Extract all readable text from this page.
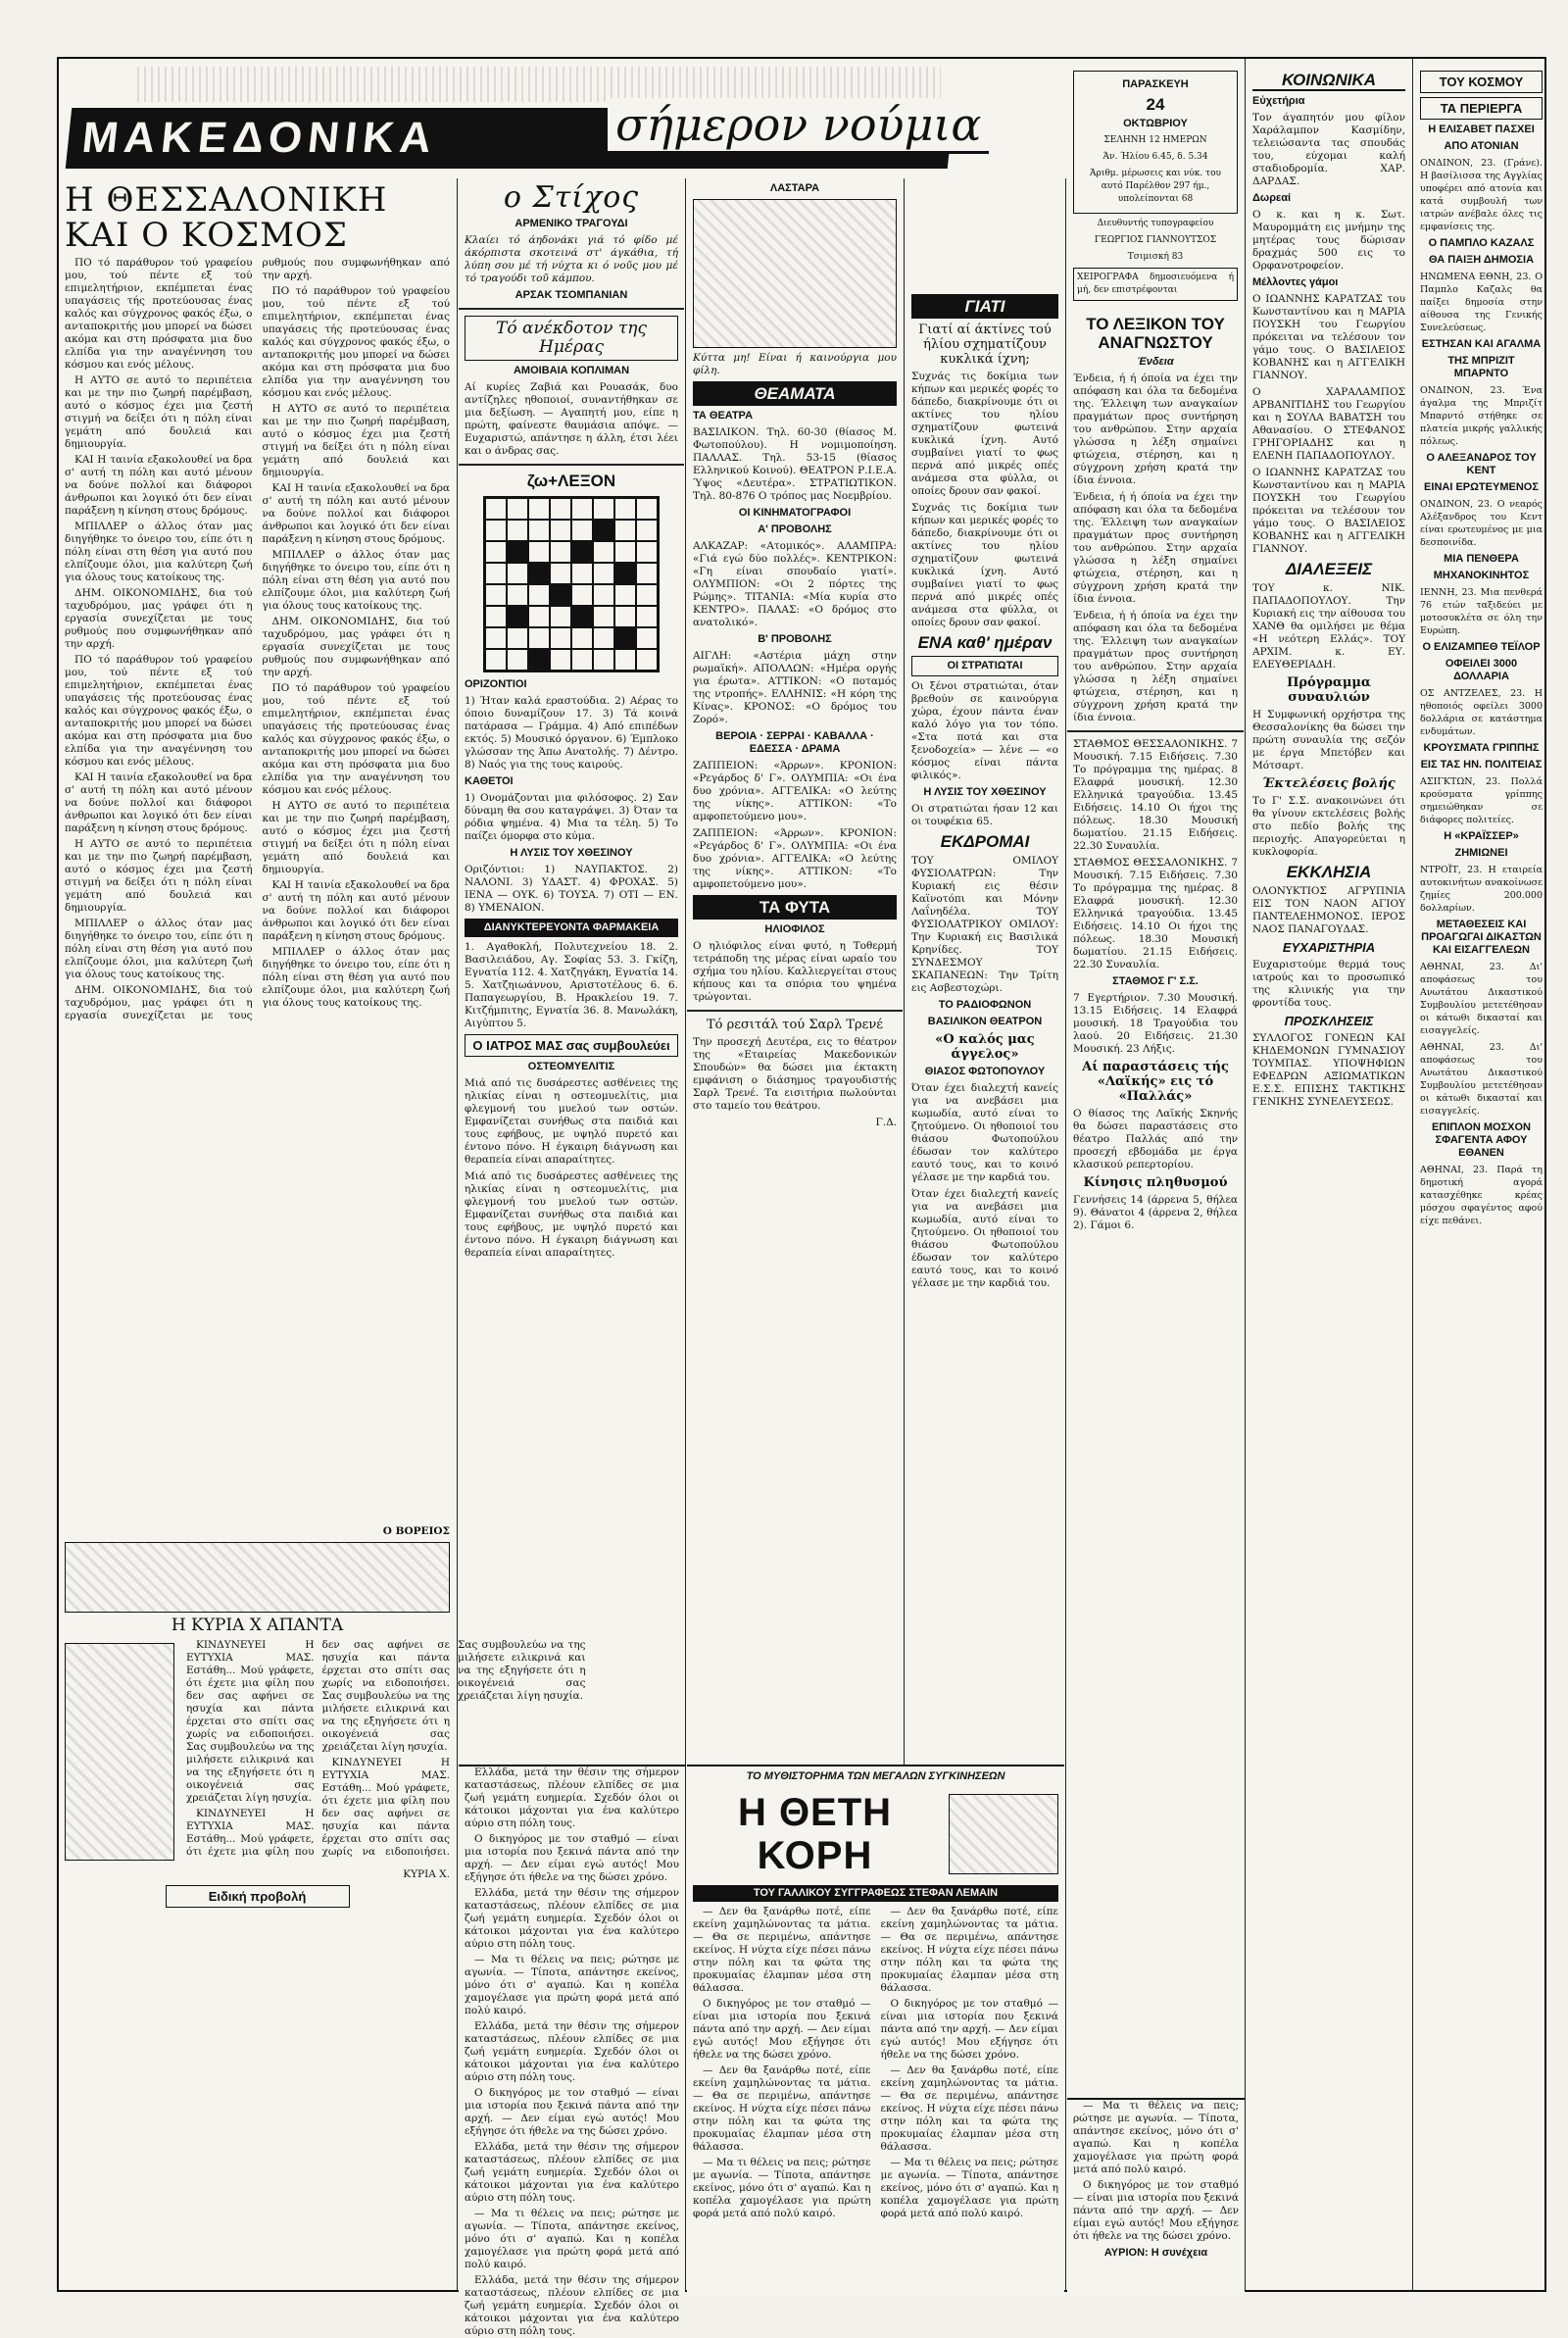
ΜΑΚΕΔΟΝΙΚΑ	σήμερον νούμια
Η ΘΕΣΣΑΛΟΝΙΚΗ ΚΑΙ Ο ΚΟΣΜΟΣ

ΠΟ τό παράθυρον τού γραφείου μου, τού πέντε εξ τού επιμελητήριον, εκπέμπεται ένας υπαγάσεις τής προτεύουσας ένας καλός και σύγχρονος φακός έξω, ο ανταποκριτής μου μπορεί να δώσει ακόμα και στη πρόσφατα μια δυο ελπίδα για την αναγέννηση του κόσμου και ενός μέλους.

Η ΑΥΤΟ σε αυτό το περιπέτεια και με την πιο ζωηρή παρέμβαση, αυτό ο κόσμος έχει μια ζεστή στιγμή να δείξει ότι η πόλη είναι γεμάτη από δουλειά και δημιουργία.

ΚΑΙ Η ταινία εξακολουθεί να δρα σ' αυτή τη πόλη και αυτό μένουν να δούνε πολλοί και διάφοροι άνθρωποι και λογικό ότι δεν είναι παράξενη η κίνηση στους δρόμους.

ΜΠΙΛΛΕΡ ο άλλος όταν μας διηγήθηκε το όνειρο του, είπε ότι η πόλη είναι στη θέση για αυτό που ελπίζουμε όλοι, μια καλύτερη ζωή για όλους τους κατοίκους της.

ΔΗΜ. ΟΙΚΟΝΟΜΙΔΗΣ, δια τού ταχυδρόμου, μας γράφει ότι η εργασία συνεχίζεται με τους ρυθμούς που συμφωνήθηκαν από την αρχή.

ΠΟ τό παράθυρον τού γραφείου μου, τού πέντε εξ τού επιμελητήριον, εκπέμπεται ένας υπαγάσεις τής προτεύουσας ένας καλός και σύγχρονος φακός έξω, ο ανταποκριτής μου μπορεί να δώσει ακόμα και στη πρόσφατα μια δυο ελπίδα για την αναγέννηση του κόσμου και ενός μέλους.

ΚΑΙ Η ταινία εξακολουθεί να δρα σ' αυτή τη πόλη και αυτό μένουν να δούνε πολλοί και διάφοροι άνθρωποι και λογικό ότι δεν είναι παράξενη η κίνηση στους δρόμους.

Η ΑΥΤΟ σε αυτό το περιπέτεια και με την πιο ζωηρή παρέμβαση, αυτό ο κόσμος έχει μια ζεστή στιγμή να δείξει ότι η πόλη είναι γεμάτη από δουλειά και δημιουργία.

ΜΠΙΛΛΕΡ ο άλλος όταν μας διηγήθηκε το όνειρο του, είπε ότι η πόλη είναι στη θέση για αυτό που ελπίζουμε όλοι, μια καλύτερη ζωή για όλους τους κατοίκους της.

ΔΗΜ. ΟΙΚΟΝΟΜΙΔΗΣ, δια τού ταχυδρόμου, μας γράφει ότι η εργασία συνεχίζεται με τους ρυθμούς που συμφωνήθηκαν από την αρχή.

ΠΟ τό παράθυρον τού γραφείου μου, τού πέντε εξ τού επιμελητήριον, εκπέμπεται ένας υπαγάσεις τής προτεύουσας ένας καλός και σύγχρονος φακός έξω, ο ανταποκριτής μου μπορεί να δώσει ακόμα και στη πρόσφατα μια δυο ελπίδα για την αναγέννηση του κόσμου και ενός μέλους.

Η ΑΥΤΟ σε αυτό το περιπέτεια και με την πιο ζωηρή παρέμβαση, αυτό ο κόσμος έχει μια ζεστή στιγμή να δείξει ότι η πόλη είναι γεμάτη από δουλειά και δημιουργία.

ΚΑΙ Η ταινία εξακολουθεί να δρα σ' αυτή τη πόλη και αυτό μένουν να δούνε πολλοί και διάφοροι άνθρωποι και λογικό ότι δεν είναι παράξενη η κίνηση στους δρόμους.

ΜΠΙΛΛΕΡ ο άλλος όταν μας διηγήθηκε το όνειρο του, είπε ότι η πόλη είναι στη θέση για αυτό που ελπίζουμε όλοι, μια καλύτερη ζωή για όλους τους κατοίκους της.

ΔΗΜ. ΟΙΚΟΝΟΜΙΔΗΣ, δια τού ταχυδρόμου, μας γράφει ότι η εργασία συνεχίζεται με τους ρυθμούς που συμφωνήθηκαν από την αρχή.

ΠΟ τό παράθυρον τού γραφείου μου, τού πέντε εξ τού επιμελητήριον, εκπέμπεται ένας υπαγάσεις τής προτεύουσας ένας καλός και σύγχρονος φακός έξω, ο ανταποκριτής μου μπορεί να δώσει ακόμα και στη πρόσφατα μια δυο ελπίδα για την αναγέννηση του κόσμου και ενός μέλους.

Η ΑΥΤΟ σε αυτό το περιπέτεια και με την πιο ζωηρή παρέμβαση, αυτό ο κόσμος έχει μια ζεστή στιγμή να δείξει ότι η πόλη είναι γεμάτη από δουλειά και δημιουργία.

ΚΑΙ Η ταινία εξακολουθεί να δρα σ' αυτή τη πόλη και αυτό μένουν να δούνε πολλοί και διάφοροι άνθρωποι και λογικό ότι δεν είναι παράξενη η κίνηση στους δρόμους.

ΜΠΙΛΛΕΡ ο άλλος όταν μας διηγήθηκε το όνειρο του, είπε ότι η πόλη είναι στη θέση για αυτό που ελπίζουμε όλοι, μια καλύτερη ζωή για όλους τους κατοίκους της.

Ο ΒΟΡΕΙΟΣ
Η ΚΥΡΙΑ Χ ΑΠΑΝΤΑ

ΚΙΝΔΥΝΕΥΕΙ Η ΕΥΤΥΧΙΑ ΜΑΣ. Εστάθη... Μού γράφετε, ότι έχετε μια φίλη που δεν σας αφήνει σε ησυχία και πάντα έρχεται στο σπίτι σας χωρίς να ειδοποιήσει. Σας συμβουλεύω να της μιλήσετε ειλικρινά και να της εξηγήσετε ότι η οικογένειά σας χρειάζεται λίγη ησυχία.

ΚΙΝΔΥΝΕΥΕΙ Η ΕΥΤΥΧΙΑ ΜΑΣ. Εστάθη... Μού γράφετε, ότι έχετε μια φίλη που δεν σας αφήνει σε ησυχία και πάντα έρχεται στο σπίτι σας χωρίς να ειδοποιήσει. Σας συμβουλεύω να της μιλήσετε ειλικρινά και να της εξηγήσετε ότι η οικογένειά σας χρειάζεται λίγη ησυχία.

ΚΙΝΔΥΝΕΥΕΙ Η ΕΥΤΥΧΙΑ ΜΑΣ. Εστάθη... Μού γράφετε, ότι έχετε μια φίλη που δεν σας αφήνει σε ησυχία και πάντα έρχεται στο σπίτι σας χωρίς να ειδοποιήσει. Σας συμβουλεύω να της μιλήσετε ειλικρινά και να της εξηγήσετε ότι η οικογένειά σας χρειάζεται λίγη ησυχία.

ΚΥΡΙΑ Χ.
Ειδική προβολή
ο Στίχος
ΑΡΜΕΝΙΚΟ ΤΡΑΓΟΥΔΙ
Κλαίει τό άηδονάκι γιά τό φίδο μέ άκόρπιστα σκοτεινά στ' άγκάθια, τή λύπη σου μέ τή νύχτα κι ό νοῦς μου μέ τό τραγούδι τοῦ κάμπου.
ΑΡΣΑΚ ΤΣΟΜΠΑΝΙΑΝ
Τό ανέκδοτον της Ημέρας
ΑΜΟΙΒΑΙΑ ΚΟΠΛΙΜΑΝ
Αί κυρίες Ζαβιά και Ρουασάκ, δυο αντίζηλες ηθοποιοί, συναντήθηκαν σε μια δεξίωση. — Αγαπητή μου, είπε η πρώτη, φαίνεστε θαυμάσια απόψε. — Ευχαριστώ, απάντησε η άλλη, έτσι λέει και ο άνδρας σας.
ζω+ΛΕΞΟΝ
ΟΡΙΖΟΝΤΙΟΙ
1) Ήταν καλά εραστούδια. 2) Αέρας το όποιο δυναμίζουν 17. 3) Τά κοινά πατάρασα — Γράμμα. 4) Από επιπέδων εκτός. 5) Μουσικό όργανον. 6) Έμπλοκο γλώσσαν της Άπω Ανατολής. 7) Δέντρο. 8) Ναός για της τους καιρούς.
ΚΑΘΕΤΟΙ
1) Ονομάζονται μια φιλόσοφος. 2) Σαν δύναμη θα σου καταγράψει. 3) Όταν τα ρόδια ψημένα. 4) Μια τα τέλη. 5) Το παίζει όμορφα στο κύμα.
Η ΛΥΣΙΣ ΤΟΥ ΧΘΕΣΙΝΟΥ
Οριζόντιοι: 1) ΝΑΥΠΑΚΤΟΣ. 2) ΝΑΛΟΝΙ. 3) ΥΔΑΣΤ. 4) ΦΡΟΧΑΣ. 5) ΙΕΝΑ — ΟΥΚ. 6) ΤΟΥΣΑ. 7) ΟΤΙ — ΕΝ. 8) ΥΜΕΝΑΙΟΝ.
ΔΙΑΝΥΚΤΕΡΕΥΟΝΤΑ ΦΑΡΜΑΚΕΙΑ
1. Αγαθοκλή, Πολυτεχνείου 18. 2. Βασιλειάδου, Αγ. Σοφίας 53. 3. Γκίζη, Εγνατία 112. 4. Χατζηγάκη, Εγνατία 14. 5. Χατζηιωάννου, Αριστοτέλους 6. 6. Παπαγεωργίου, Β. Ηρακλείου 19. 7. Κιτζήμπιτης, Εγνατία 36. 8. Μανωλάκη, Αιγύπτου 5.
Ο ΙΑΤΡΟΣ ΜΑΣ σας συμβουλεύει
ΟΣΤΕΟΜΥΕΛΙΤΙΣ
Μιά από τις δυσάρεστες ασθένειες της ηλικίας είναι η οστεομυελίτις, μια φλεγμονή του μυελού των οστών. Εμφανίζεται συνήθως στα παιδιά και τους εφήβους, με υψηλό πυρετό και έντονο πόνο. Η έγκαιρη διάγνωση και θεραπεία είναι απαραίτητες.
Μιά από τις δυσάρεστες ασθένειες της ηλικίας είναι η οστεομυελίτις, μια φλεγμονή του μυελού των οστών. Εμφανίζεται συνήθως στα παιδιά και τους εφήβους, με υψηλό πυρετό και έντονο πόνο. Η έγκαιρη διάγνωση και θεραπεία είναι απαραίτητες.
ΛΑΣΤΑΡΑ
Κύττα μη! Είναι ή καινούργια μου φίλη.
ΘΕΑΜΑΤΑ
ΤΑ ΘΕΑΤΡΑ
ΒΑΣΙΛΙΚΟΝ. Τηλ. 60-30 (θίασος Μ. Φωτοπούλου). Η νομιμοποίηση. ΠΑΛΛΑΣ. Τηλ. 53-15 (θίασος Ελληνικού Κοινού). ΘΕΑΤΡΟΝ Ρ.Ι.Ε.Α. Ύψος «Δευτέρα». ΣΤΡΑΤΙΩΤΙΚΟΝ. Τηλ. 80-876 Ο τρόπος μας Νοεμβρίου.
ΟΙ ΚΙΝΗΜΑΤΟΓΡΑΦΟΙ
Α' ΠΡΟΒΟΛΗΣ
ΑΛΚΑΖΑΡ: «Ατομικός». ΑΛΑΜΠΡΑ: «Γιά εγώ δύο πολλές». ΚΕΝΤΡΙΚΟΝ: «Γη είναι σπουδαίο γιατί». ΟΛΥΜΠΙΟΝ: «Οι 2 πόρτες της Ρώμης». ΤΙΤΑΝΙΑ: «Μία κυρία στο ΚΕΝΤΡΟ». ΠΑΛΑΣ: «Ο δρόμος στο ανατολικό».
Β' ΠΡΟΒΟΛΗΣ
ΑΙΓΛΗ: «Αστέρια μάχη στην ρωμαϊκή». ΑΠΟΛΛΩΝ: «Ημέρα οργής για έρωτα». ΑΤΤΙΚΟΝ: «Ο ποταμός της ντροπής». ΕΛΛΗΝΙΣ: «Η κόρη της Κίνας». ΚΡΟΝΟΣ: «Ο δρόμος του Ζορό».
ΒΕΡΟΙΑ · ΣΕΡΡΑΙ · ΚΑΒΑΛΛΑ · ΕΔΕΣΣΑ · ΔΡΑΜΑ
ΖΑΠΠΕΙΟΝ: «Άρρων». ΚΡΟΝΙΟΝ: «Ρεγάρδος δ' Γ». ΟΛΥΜΠΙΑ: «Οι ένα δυο χρόνια». ΑΓΓΕΛΙΚΑ: «Ο λεύτης της νίκης». ΑΤΤΙΚΟΝ: «Το αμφοπετούμενο μου».
ΖΑΠΠΕΙΟΝ: «Άρρων». ΚΡΟΝΙΟΝ: «Ρεγάρδος δ' Γ». ΟΛΥΜΠΙΑ: «Οι ένα δυο χρόνια». ΑΓΓΕΛΙΚΑ: «Ο λεύτης της νίκης». ΑΤΤΙΚΟΝ: «Το αμφοπετούμενο μου».
ΤΑ ΦΥΤΑ
ΗΛΙΟΦΙΛΟΣ
Ο ηλιόφιλος είναι φυτό, η Τοθερμή τετράποδη της μέρας είναι ωραίο του σχήμα του ηλίου. Καλλιεργείται στους κήπους και τα σπόρια του ψημένα τρώγονται.
Τό ρεσιτάλ τού Σαρλ Τρενέ
Την προσεχή Δευτέρα, εις το θέατρον της «Εταιρείας Μακεδονικών Σπουδών» θα δώσει μια έκτακτη εμφάνιση ο διάσημος τραγουδιστής Σαρλ Τρενέ. Τα εισιτήρια πωλούνται στο ταμείο του θεάτρου.
Γ.Δ.
ΓΙΑΤΙ
Γιατί αί άκτίνες τού ήλίου σχηματίζουν κυκλικά ίχνη;
Συχνάς τις δοκίμια των κήπων και μερικές φορές το δάπεδο, διακρίνουμε ότι οι ακτίνες του ηλίου σχηματίζουν φωτεινά κυκλικά ίχνη. Αυτό συμβαίνει γιατί το φως περνά από μικρές οπές ανάμεσα στα φύλλα, οι οποίες δρουν σαν φακοί.
Συχνάς τις δοκίμια των κήπων και μερικές φορές το δάπεδο, διακρίνουμε ότι οι ακτίνες του ηλίου σχηματίζουν φωτεινά κυκλικά ίχνη. Αυτό συμβαίνει γιατί το φως περνά από μικρές οπές ανάμεσα στα φύλλα, οι οποίες δρουν σαν φακοί.
ΕΝΑ καθ' ημέραν
ΟΙ ΣΤΡΑΤΙΩΤΑΙ
Οι ξένοι στρατιώται, όταν βρεθούν σε καινούργια χώρα, έχουν πάντα έναν καλό λόγο για τον τόπο. «Στα ποτά και στα ξενοδοχεία» — λένε — «ο κόσμος είναι πάντα φιλικός».
Η ΛΥΣΙΣ ΤΟΥ ΧΘΕΣΙΝΟΥ
Οι στρατιώται ήσαν 12 και οι τουφέκια 65.
ΕΚΔΡΟΜΑΙ
ΤΟΥ ΟΜΙΛΟΥ ΦΥΣΙΟΛΑΤΡΩΝ: Την Κυριακή εις θέσιν Καϊνοτόπι και Μόνην Λαΐνηδέλα. ΤΟΥ ΦΥΣΙΟΛΑΤΡΙΚΟΥ ΟΜΙΛΟΥ: Την Κυριακή εις Βασιλικά Κρηνίδες. ΤΟΥ ΣΥΝΔΕΣΜΟΥ ΣΚΑΠΑΝΕΩΝ: Την Τρίτη εις Ασβεστοχώρι.
ΤΟ ΡΑΔΙΟΦΩΝΟΝ
ΒΑΣΙΛΙΚΟΝ ΘΕΑΤΡΟΝ
«Ο καλός μας άγγελος»
ΘΙΑΣΟΣ ΦΩΤΟΠΟΥΛΟΥ
Όταν έχει διαλεχτή κανείς για να ανεβάσει μια κωμωδία, αυτό είναι το ζητούμενο. Οι ηθοποιοί του θιάσου Φωτοπούλου έδωσαν τον καλύτερο εαυτό τους, και το κοινό γέλασε με την καρδιά του.
Όταν έχει διαλεχτή κανείς για να ανεβάσει μια κωμωδία, αυτό είναι το ζητούμενο. Οι ηθοποιοί του θιάσου Φωτοπούλου έδωσαν τον καλύτερο εαυτό τους, και το κοινό γέλασε με την καρδιά του.
ΠΑΡΑΣΚΕΥΗ
24
ΟΚΤΩΒΡΙΟΥ
ΣΕΛΗΝΗ 12 ΗΜΕΡΩΝ
Άν. Ήλίου 6.45, δ. 5.34
Άριθμ. μέρωσεις και νύκ. του αυτό Παρέλθον 297 ήμ., υπολείπονται 68
Διευθυντής τυπογραφείου
ΓΕΩΡΓΙΟΣ ΓΙΑΝΝΟΥΤΣΟΣ
Τσιμισκή 83
ΧΕΙΡΟΓΡΑΦΑ δημοσιευόμενα ή μή, δεν επιστρέφονται
ΤΟ ΛΕΞΙΚΟΝ ΤΟΥ ΑΝΑΓΝΩΣΤΟΥ
Ένδεια
Ένδεια, ή ή όποία να έχει την απόφαση και όλα τα δεδομένα της. Έλλειψη των αναγκαίων πραγμάτων προς συντήρηση του ανθρώπου. Στην αρχαία γλώσσα η λέξη σημαίνει φτώχεια, στέρηση, και η σύγχρονη χρήση κρατά την ίδια έννοια.
Ένδεια, ή ή όποία να έχει την απόφαση και όλα τα δεδομένα της. Έλλειψη των αναγκαίων πραγμάτων προς συντήρηση του ανθρώπου. Στην αρχαία γλώσσα η λέξη σημαίνει φτώχεια, στέρηση, και η σύγχρονη χρήση κρατά την ίδια έννοια.
Ένδεια, ή ή όποία να έχει την απόφαση και όλα τα δεδομένα της. Έλλειψη των αναγκαίων πραγμάτων προς συντήρηση του ανθρώπου. Στην αρχαία γλώσσα η λέξη σημαίνει φτώχεια, στέρηση, και η σύγχρονη χρήση κρατά την ίδια έννοια.
ΣΤΑΘΜΟΣ ΘΕΣΣΑΛΟΝΙΚΗΣ. 7 Μουσική. 7.15 Ειδήσεις. 7.30 Το πρόγραμμα της ημέρας. 8 Ελαφρά μουσική. 12.30 Ελληνικά τραγούδια. 13.45 Ειδήσεις. 14.10 Οι ήχοι της πόλεως. 18.30 Μουσική δωματίου. 21.15 Ειδήσεις. 22.30 Συναυλία.
ΣΤΑΘΜΟΣ ΘΕΣΣΑΛΟΝΙΚΗΣ. 7 Μουσική. 7.15 Ειδήσεις. 7.30 Το πρόγραμμα της ημέρας. 8 Ελαφρά μουσική. 12.30 Ελληνικά τραγούδια. 13.45 Ειδήσεις. 14.10 Οι ήχοι της πόλεως. 18.30 Μουσική δωματίου. 21.15 Ειδήσεις. 22.30 Συναυλία.
ΣΤΑΘΜΟΣ Γ' Σ.Σ.
7 Εγερτήριον. 7.30 Μουσική. 13.15 Ειδήσεις. 14 Ελαφρά μουσική. 18 Τραγούδια του λαού. 20 Ειδήσεις. 21.30 Μουσική. 23 Λήξις.
Αί παραστάσεις τής «Λαϊκής» εις τό «Παλλάς»
Ο θίασος της Λαϊκής Σκηνής θα δώσει παραστάσεις στο θέατρο Παλλάς από την προσεχή εβδομάδα με έργα κλασικού ρεπερτορίου.
Κίνησις πληθυσμού
Γεννήσεις 14 (άρρενα 5, θήλεα 9). Θάνατοι 4 (άρρενα 2, θήλεα 2). Γάμοι 6.
ΚΟΙΝΩΝΙΚΑ
Εὐχετήρια
Τον άγαπητόν μου φίλον Χαράλαμπον Κασμίδην, τελειώσαντα τας σπουδάς του, εύχομαι καλή σταδιοδρομία. ΧΑΡ. ΔΑΡΔΑΣ.
Δωρεαί
Ο κ. και η κ. Σωτ. Μαυρομμάτη εις μνήμην της μητέρας τους δώρισαν δραχμάς 500 εις το Ορφανοτροφείον.
Μέλλοντες γάμοι
Ο ΙΩΑΝΝΗΣ ΚΑΡΑΤΖΑΣ του Κωνσταντίνου και η ΜΑΡΙΑ ΠΟΥΣΚΗ του Γεωργίου πρόκειται να τελέσουν τον γάμο τους. Ο ΒΑΣΙΛΕΙΟΣ ΚΟΒΑΝΗΣ και η ΑΓΓΕΛΙΚΗ ΓΙΑΝΝΟΥ.
Ο ΧΑΡΑΛΑΜΠΟΣ ΑΡΒΑΝΙΤΙΔΗΣ του Γεωργίου και η ΣΟΥΛΑ ΒΑΒΑΤΣΗ του Αθανασίου. Ο ΣΤΕΦΑΝΟΣ ΓΡΗΓΟΡΙΑΔΗΣ και η ΕΛΕΝΗ ΠΑΠΑΔΟΠΟΥΛΟΥ.
Ο ΙΩΑΝΝΗΣ ΚΑΡΑΤΖΑΣ του Κωνσταντίνου και η ΜΑΡΙΑ ΠΟΥΣΚΗ του Γεωργίου πρόκειται να τελέσουν τον γάμο τους. Ο ΒΑΣΙΛΕΙΟΣ ΚΟΒΑΝΗΣ και η ΑΓΓΕΛΙΚΗ ΓΙΑΝΝΟΥ.
ΔΙΑΛΕΞΕΙΣ
ΤΟΥ κ. ΝΙΚ. ΠΑΠΑΔΟΠΟΥΛΟΥ. Την Κυριακή εις την αίθουσα του ΧΑΝΘ θα ομιλήσει με θέμα «Η νεότερη Ελλάς». ΤΟΥ ΑΡΧΙΜ. κ. ΕΥ. ΕΛΕΥΘΕΡΙΑΔΗ.
Πρόγραμμα συναυλιών
Η Συμφωνική ορχήστρα της Θεσσαλονίκης θα δώσει την πρώτη συναυλία της σεζόν με έργα Μπετόβεν και Μότσαρτ.
Έκτελέσεις βολής
Το Γ' Σ.Σ. ανακοινώνει ότι θα γίνουν εκτελέσεις βολής στο πεδίο βολής της περιοχής. Απαγορεύεται η κυκλοφορία.
ΕΚΚΛΗΣΙΑ
ΟΛΟΝΥΚΤΙΟΣ ΑΓΡΥΠΝΙΑ ΕΙΣ ΤΟΝ ΝΑΟΝ ΑΓΙΟΥ ΠΑΝΤΕΛΕΗΜΟΝΟΣ. ΙΕΡΟΣ ΝΑΟΣ ΠΑΝΑΓΟΥΔΑΣ.
ΕΥΧΑΡΙΣΤΗΡΙΑ
Ευχαριστούμε θερμά τους ιατρούς και το προσωπικό της κλινικής για την φροντίδα τους.
ΠΡΟΣΚΛΗΣΕΙΣ
ΣΥΛΛΟΓΟΣ ΓΟΝΕΩΝ ΚΑΙ ΚΗΔΕΜΟΝΩΝ ΓΥΜΝΑΣΙΟΥ ΤΟΥΜΠΑΣ. ΥΠΟΨΗΦΙΩΝ ΕΦΕΔΡΩΝ ΑΞΙΩΜΑΤΙΚΩΝ Ε.Σ.Σ. ΕΠΙΣΗΣ ΤΑΚΤΙΚΗΣ ΓΕΝΙΚΗΣ ΣΥΝΕΛΕΥΣΕΩΣ.
ΤΟΥ ΚΟΣΜΟΥ
ΤΑ ΠΕΡΙΕΡΓΑ
Η ΕΛΙΣΑΒΕΤ ΠΑΣΧΕΙ
ΑΠΟ ΑΤΟΝΙΑΝ
ΟΝΔΙΝΟΝ, 23. (Γράνε). Η βασίλισσα της Αγγλίας υποφέρει από ατονία και κατά συμβουλή των ιατρών ανέβαλε όλες τις εμφανίσεις της.
Ο ΠΑΜΠΛΟ ΚΑΖΑΛΣ
ΘΑ ΠΑΙΞΗ ΔΗΜΟΣΙΑ
ΗΝΩΜΕΝΑ ΕΘΝΗ, 23. Ο Παμπλο Καζαλς θα παίξει δημοσία στην αίθουσα της Γενικής Συνελεύσεως.
ΕΣΤΗΣΑΝ ΚΑΙ ΑΓΑΛΜΑ
ΤΗΣ ΜΠΡΙΖΙΤ ΜΠΑΡΝΤΟ
ΟΝΔΙΝΟΝ, 23. Ένα άγαλμα της Μπριζίτ Μπαρντό στήθηκε σε πλατεία μικρής γαλλικής πόλεως.
Ο ΑΛΕΞΑΝΔΡΟΣ ΤΟΥ ΚΕΝΤ
ΕΙΝΑΙ ΕΡΩΤΕΥΜΕΝΟΣ
ΟΝΔΙΝΟΝ, 23. Ο νεαρός Αλέξανδρος του Κεντ είναι ερωτευμένος με μια δεσποινίδα.
ΜΙΑ ΠΕΝΘΕΡΑ
ΜΗΧΑΝΟΚΙΝΗΤΟΣ
ΙΕΝΝΗ, 23. Μια πενθερά 76 ετών ταξιδεύει με μοτοσυκλέτα σε όλη την Ευρώπη.
Ο ΕΛΙΖΑΜΠΕΘ ΤΕΪΛΟΡ
ΟΦΕΙΛΕΙ 3000 ΔΟΛΛΑΡΙΑ
ΟΣ ΑΝΤΖΕΛΕΣ, 23. Η ηθοποιός οφείλει 3000 δολλάρια σε κατάστημα ενδυμάτων.
ΚΡΟΥΣΜΑΤΑ ΓΡΙΠΠΗΣ
ΕΙΣ ΤΑΣ ΗΝ. ΠΟΛΙΤΕΙΑΣ
ΑΣΙΓΚΤΩΝ, 23. Πολλά κρούσματα γρίππης σημειώθηκαν σε διάφορες πολιτείες.
Η «ΚΡΑΪΣΣΕΡ»
ΖΗΜΙΩΝΕΙ
ΝΤΡΟΪΤ, 23. Η εταιρεία αυτοκινήτων ανακοίνωσε ζημίες 200.000 δολλαρίων.
ΜΕΤΑΘΕΣΕΙΣ ΚΑΙ ΠΡΟΑΓΩΓΑΙ ΔΙΚΑΣΤΩΝ ΚΑΙ ΕΙΣΑΓΓΕΛΕΩΝ
ΑΘΗΝΑΙ, 23. Δι' αποφάσεως του Ανωτάτου Δικαστικού Συμβουλίου μετετέθησαν οι κάτωθι δικασταί και εισαγγελείς.
ΑΘΗΝΑΙ, 23. Δι' αποφάσεως του Ανωτάτου Δικαστικού Συμβουλίου μετετέθησαν οι κάτωθι δικασταί και εισαγγελείς.
ΕΠΙΠΛΟΝ ΜΟΣΧΟΝ ΣΦΑΓΕΝΤΑ ΑΦΟΥ ΕΘΑΝΕΝ
ΑΘΗΝΑΙ, 23. Παρά τη δημοτική αγορά κατασχέθηκε κρέας μόσχου σφαγέντος αφού είχε πεθάνει.
ΤΟ ΜΥΘΙΣΤΟΡΗΜΑ ΤΩΝ ΜΕΓΑΛΩΝ ΣΥΓΚΙΝΗΣΕΩΝ
Η ΘΕΤΗ ΚΟΡΗ
ΤΟΥ ΓΑΛΛΙΚΟΥ ΣΥΓΓΡΑΦΕΩΣ ΣΤΕΦΑΝ ΛΕΜΑΙΝ

— Δεν θα ξανάρθω ποτέ, είπε εκείνη χαμηλώνοντας τα μάτια. — Θα σε περιμένω, απάντησε εκείνος. Η νύχτα είχε πέσει πάνω στην πόλη και τα φώτα της προκυμαίας έλαμπαν μέσα στη θάλασσα.

Ο δικηγόρος με τον σταθμό — είναι μια ιστορία που ξεκινά πάντα από την αρχή. — Δεν είμαι εγώ αυτός! Μου εξήγησε ότι ήθελε να της δώσει χρόνο.

— Δεν θα ξανάρθω ποτέ, είπε εκείνη χαμηλώνοντας τα μάτια. — Θα σε περιμένω, απάντησε εκείνος. Η νύχτα είχε πέσει πάνω στην πόλη και τα φώτα της προκυμαίας έλαμπαν μέσα στη θάλασσα.

— Μα τι θέλεις να πεις; ρώτησε με αγωνία. — Τίποτα, απάντησε εκείνος, μόνο ότι σ' αγαπώ. Και η κοπέλα χαμογέλασε για πρώτη φορά μετά από πολύ καιρό.

— Δεν θα ξανάρθω ποτέ, είπε εκείνη χαμηλώνοντας τα μάτια. — Θα σε περιμένω, απάντησε εκείνος. Η νύχτα είχε πέσει πάνω στην πόλη και τα φώτα της προκυμαίας έλαμπαν μέσα στη θάλασσα.

Ο δικηγόρος με τον σταθμό — είναι μια ιστορία που ξεκινά πάντα από την αρχή. — Δεν είμαι εγώ αυτός! Μου εξήγησε ότι ήθελε να της δώσει χρόνο.

— Δεν θα ξανάρθω ποτέ, είπε εκείνη χαμηλώνοντας τα μάτια. — Θα σε περιμένω, απάντησε εκείνος. Η νύχτα είχε πέσει πάνω στην πόλη και τα φώτα της προκυμαίας έλαμπαν μέσα στη θάλασσα.

— Μα τι θέλεις να πεις; ρώτησε με αγωνία. — Τίποτα, απάντησε εκείνος, μόνο ότι σ' αγαπώ. Και η κοπέλα χαμογέλασε για πρώτη φορά μετά από πολύ καιρό.

Ελλάδα, μετά την θέσιν της σήμερον καταστάσεως, πλέουν ελπίδες σε μια ζωή γεμάτη ευημερία. Σχεδόν όλοι οι κάτοικοι μάχονται για ένα καλύτερο αύριο στη πόλη τους.

Ο δικηγόρος με τον σταθμό — είναι μια ιστορία που ξεκινά πάντα από την αρχή. — Δεν είμαι εγώ αυτός! Μου εξήγησε ότι ήθελε να της δώσει χρόνο.

Ελλάδα, μετά την θέσιν της σήμερον καταστάσεως, πλέουν ελπίδες σε μια ζωή γεμάτη ευημερία. Σχεδόν όλοι οι κάτοικοι μάχονται για ένα καλύτερο αύριο στη πόλη τους.

— Μα τι θέλεις να πεις; ρώτησε με αγωνία. — Τίποτα, απάντησε εκείνος, μόνο ότι σ' αγαπώ. Και η κοπέλα χαμογέλασε για πρώτη φορά μετά από πολύ καιρό.

Ελλάδα, μετά την θέσιν της σήμερον καταστάσεως, πλέουν ελπίδες σε μια ζωή γεμάτη ευημερία. Σχεδόν όλοι οι κάτοικοι μάχονται για ένα καλύτερο αύριο στη πόλη τους.

Ο δικηγόρος με τον σταθμό — είναι μια ιστορία που ξεκινά πάντα από την αρχή. — Δεν είμαι εγώ αυτός! Μου εξήγησε ότι ήθελε να της δώσει χρόνο.

Ελλάδα, μετά την θέσιν της σήμερον καταστάσεως, πλέουν ελπίδες σε μια ζωή γεμάτη ευημερία. Σχεδόν όλοι οι κάτοικοι μάχονται για ένα καλύτερο αύριο στη πόλη τους.

— Μα τι θέλεις να πεις; ρώτησε με αγωνία. — Τίποτα, απάντησε εκείνος, μόνο ότι σ' αγαπώ. Και η κοπέλα χαμογέλασε για πρώτη φορά μετά από πολύ καιρό.

Ελλάδα, μετά την θέσιν της σήμερον καταστάσεως, πλέουν ελπίδες σε μια ζωή γεμάτη ευημερία. Σχεδόν όλοι οι κάτοικοι μάχονται για ένα καλύτερο αύριο στη πόλη τους.

— Μα τι θέλεις να πεις; ρώτησε με αγωνία. — Τίποτα, απάντησε εκείνος, μόνο ότι σ' αγαπώ. Και η κοπέλα χαμογέλασε για πρώτη φορά μετά από πολύ καιρό.

Ο δικηγόρος με τον σταθμό — είναι μια ιστορία που ξεκινά πάντα από την αρχή. — Δεν είμαι εγώ αυτός! Μου εξήγησε ότι ήθελε να της δώσει χρόνο.

ΑΥΡΙΟΝ: Η συνέχεια
